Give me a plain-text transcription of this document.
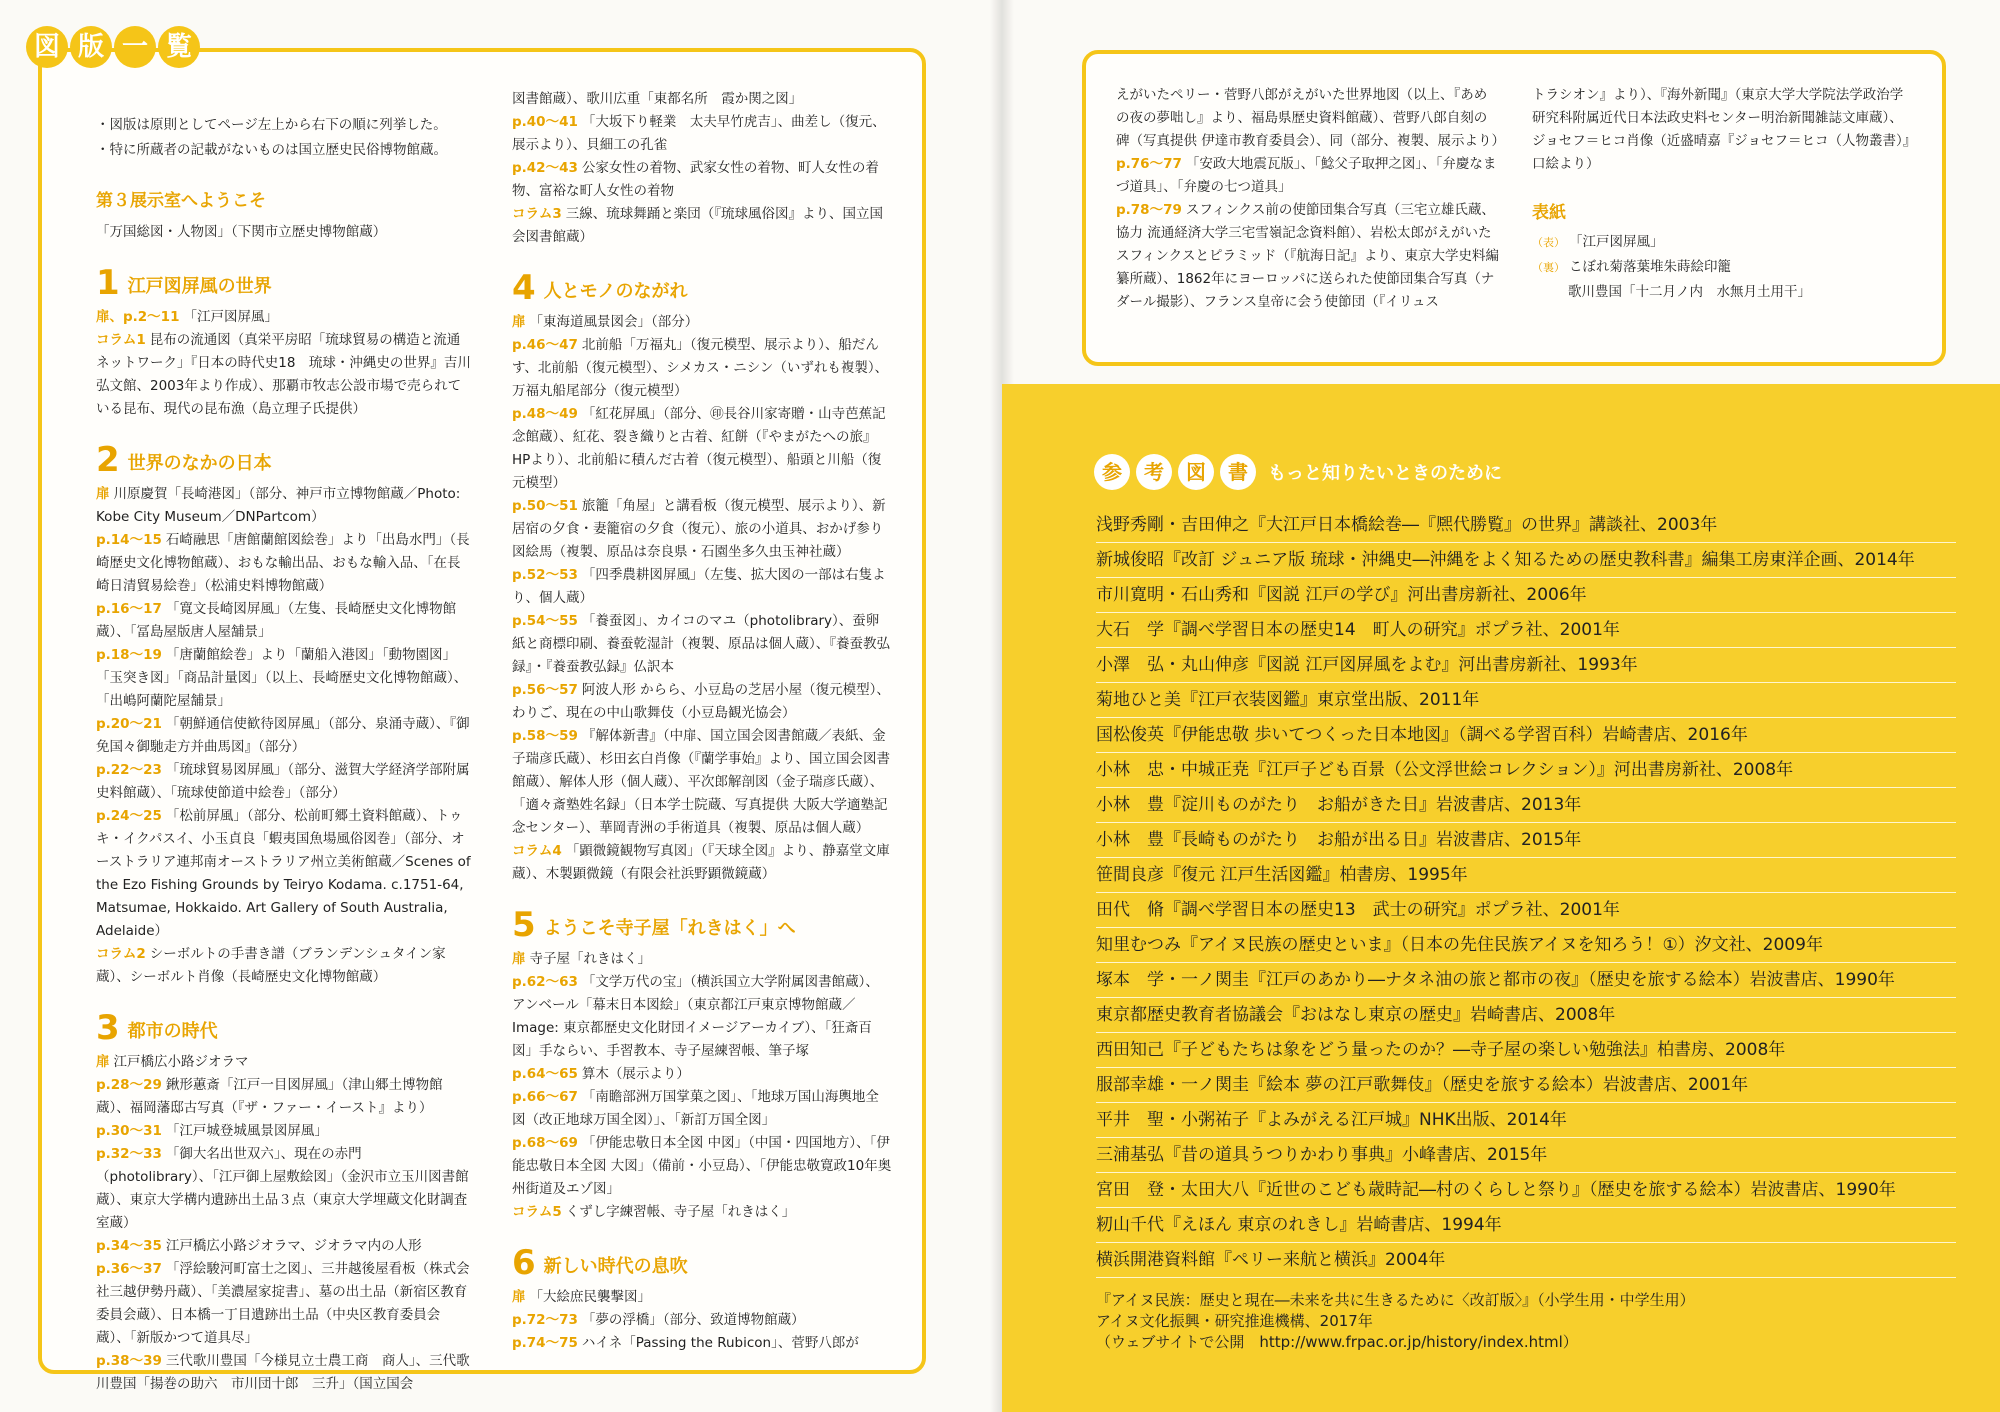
図 版 一 覧

・図版は原則としてページ左上から右下の順に列挙した。

・特に所蔵者の記載がないものは国立歴史民俗博物館蔵。

第３展示室へようこそ

「万国総図・人物図」（下関市立歴史博物館蔵）

1 江戸図屏風の世界

扉、p.2～11 「江戸図屏風」

コラム1 昆布の流通図（真栄平房昭「琉球貿易の構造と流通ネットワーク」『日本の時代史18　琉球・沖縄史の世界』吉川弘文館、2003年より作成）、那覇市牧志公設市場で売られている昆布、現代の昆布漁（島立理子氏提供）

2 世界のなかの日本

扉 川原慶賀「長崎港図」（部分、神戸市立博物館蔵／Photo: Kobe City Museum／DNPartcom）

p.14～15 石崎融思「唐館蘭館図絵巻」より「出島水門」（長崎歴史文化博物館蔵）、おもな輸出品、おもな輸入品、「在長崎日清貿易絵巻」（松浦史料博物館蔵）

p.16～17 「寛文長崎図屏風」（左隻、長崎歴史文化博物館蔵）、「冨島屋版唐人屋舗景」

p.18～19 「唐蘭館絵巻」より「蘭船入港図」「動物園図」「玉突き図」「商品計量図」（以上、長崎歴史文化博物館蔵）、「出嶋阿蘭陀屋舗景」

p.20～21 「朝鮮通信使歓待図屏風」（部分、泉涌寺蔵）、『御免国々御馳走方并曲馬図』（部分）

p.22～23 「琉球貿易図屏風」（部分、滋賀大学経済学部附属史料館蔵）、「琉球使節道中絵巻」（部分）

p.24～25 「松前屏風」（部分、松前町郷土資料館蔵）、トゥキ・イクパスイ、小玉貞良「蝦夷国魚場風俗図巻」（部分、オーストラリア連邦南オーストラリア州立美術館蔵／Scenes of the Ezo Fishing Grounds by Teiryo Kodama. c.1751-64, Matsumae, Hokkaido. Art Gallery of South Australia, Adelaide）

コラム2 シーボルトの手書き譜（ブランデンシュタイン家蔵）、シーボルト肖像（長崎歴史文化博物館蔵）

3 都市の時代

扉 江戸橋広小路ジオラマ

p.28～29 鍬形蕙斎「江戸一目図屏風」（津山郷土博物館蔵）、福岡藩邸古写真（『ザ・ファー・イースト』より）

p.30～31 「江戸城登城風景図屏風」

p.32～33 「御大名出世双六」、現在の赤門（photolibrary）、「江戸御上屋敷絵図」（金沢市立玉川図書館蔵）、東京大学構内遺跡出土品３点（東京大学埋蔵文化財調査室蔵）

p.34～35 江戸橋広小路ジオラマ、ジオラマ内の人形

p.36～37 「浮絵駿河町富士之図」、三井越後屋看板（株式会社三越伊勢丹蔵）、「美濃屋家掟書」、墓の出土品（新宿区教育委員会蔵）、日本橋一丁目遺跡出土品（中央区教育委員会蔵）、「新版かつて道具尽」

p.38～39 三代歌川豊国「今様見立士農工商　商人」、三代歌川豊国「揚巻の助六　市川団十郎　三升」（国立国会

図書館蔵）、歌川広重「東都名所　霞か関之図」

p.40～41 「大坂下り軽業　太夫早竹虎吉」、曲差し（復元、展示より）、貝細工の孔雀

p.42～43 公家女性の着物、武家女性の着物、町人女性の着物、富裕な町人女性の着物

コラム3 三線、琉球舞踊と楽団（『琉球風俗図』より、国立国会図書館蔵）

4 人とモノのながれ

扉 「東海道風景図会」（部分）

p.46～47 北前船「万福丸」（復元模型、展示より）、船だんす、北前船（復元模型）、シメカス・ニシン（いずれも複製）、万福丸船尾部分（復元模型）

p.48～49 「紅花屏風」（部分、㊞長谷川家寄贈・山寺芭蕉記念館蔵）、紅花、裂き織りと古着、紅餅（『やまがたへの旅』HPより）、北前船に積んだ古着（復元模型）、船頭と川船（復元模型）

p.50～51 旅籠「角屋」と講看板（復元模型、展示より）、新居宿の夕食・妻籠宿の夕食（復元）、旅の小道具、おかげ参り図絵馬（複製、原品は奈良県・石園坐多久虫玉神社蔵）

p.52～53 「四季農耕図屏風」（左隻、拡大図の一部は右隻より、個人蔵）

p.54～55 「養蚕図」、カイコのマユ（photolibrary）、蚕卵紙と商標印刷、養蚕乾湿計（複製、原品は個人蔵）、『養蚕教弘録』・『養蚕教弘録』仏訳本

p.56～57 阿波人形 からら、小豆島の芝居小屋（復元模型）、わりご、現在の中山歌舞伎（小豆島観光協会）

p.58～59 『解体新書』（中扉、国立国会図書館蔵／表紙、金子瑞彦氏蔵）、杉田玄白肖像（『蘭学事始』より、国立国会図書館蔵）、解体人形（個人蔵）、平次郎解剖図（金子瑞彦氏蔵）、「適々斎塾姓名録」（日本学士院蔵、写真提供 大阪大学適塾記念センター）、華岡青洲の手術道具（複製、原品は個人蔵）

コラム4 「顕微鏡観物写真図」（『天球全図』より、静嘉堂文庫蔵）、木製顕微鏡（有限会社浜野顕微鏡蔵）

5 ようこそ寺子屋「れきはく」へ

扉 寺子屋「れきはく」

p.62～63 「文学万代の宝」（横浜国立大学附属図書館蔵）、アンベール「幕末日本図絵」（東京都江戸東京博物館蔵／Image: 東京都歴史文化財団イメージアーカイブ）、「狂斎百図」手ならい、手習教本、寺子屋練習帳、筆子塚

p.64～65 算木（展示より）

p.66～67 「南瞻部洲万国掌菓之図」、「地球万国山海輿地全図（改正地球万国全図）」、「新訂万国全図」

p.68～69 「伊能忠敬日本全図 中図」（中国・四国地方）、「伊能忠敬日本全図 大図」（備前・小豆島）、「伊能忠敬寛政10年奥州街道及エゾ図」

コラム5 くずし字練習帳、寺子屋「れきはく」

6 新しい時代の息吹

扉 「大絵庶民襲撃図」

p.72～73 「夢の浮橋」（部分、致道博物館蔵）

p.74～75 ハイネ「Passing the Rubicon」、菅野八郎が

えがいたペリー・菅野八郎がえがいた世界地図（以上、『あめの夜の夢咄し』より、福島県歴史資料館蔵）、菅野八郎自刻の碑（写真提供 伊達市教育委員会）、同（部分、複製、展示より）

p.76～77 「安政大地震瓦版」、「鯰父子取押之図」、「弁慶なまづ道具」、「弁慶の七つ道具」

p.78～79 スフィンクス前の使節団集合写真（三宅立雄氏蔵、協力 流通経済大学三宅雪嶺記念資料館）、岩松太郎がえがいたスフィンクスとピラミッド（『航海日記』より、東京大学史料編纂所蔵）、1862年にヨーロッパに送られた使節団集合写真（ナダール撮影）、フランス皇帝に会う使節団（『イリュス

トラシオン』より）、『海外新聞』（東京大学大学院法学政治学研究科附属近代日本法政史料センター明治新聞雑誌文庫蔵）、ジョセフ＝ヒコ肖像（近盛晴嘉『ジョセフ＝ヒコ（人物叢書）』口絵より）

表紙
（表） 「江戸図屏風」
（裏） こぼれ菊落葉堆朱蒔絵印籠
歌川豊国「十二月ノ内　水無月土用干」
参	考	図	書	もっと知りたいときのために
浅野秀剛・吉田伸之『大江戸日本橋絵巻―『熈代勝覧』の世界』講談社、2003年
新城俊昭『改訂 ジュニア版 琉球・沖縄史―沖縄をよく知るための歴史教科書』編集工房東洋企画、2014年
市川寛明・石山秀和『図説 江戸の学び』河出書房新社、2006年
大石　学『調べ学習日本の歴史14　町人の研究』ポプラ社、2001年
小澤　弘・丸山伸彦『図説 江戸図屏風をよむ』河出書房新社、1993年
菊地ひと美『江戸衣装図鑑』東京堂出版、2011年
国松俊英『伊能忠敬 歩いてつくった日本地図』（調べる学習百科）岩崎書店、2016年
小林　忠・中城正尭『江戸子ども百景（公文浮世絵コレクション）』河出書房新社、2008年
小林　豊『淀川ものがたり　お船がきた日』岩波書店、2013年
小林　豊『長崎ものがたり　お船が出る日』岩波書店、2015年
笹間良彦『復元 江戸生活図鑑』柏書房、1995年
田代　脩『調べ学習日本の歴史13　武士の研究』ポプラ社、2001年
知里むつみ『アイヌ民族の歴史といま』（日本の先住民族アイヌを知ろう！①）汐文社、2009年
塚本　学・一ノ関圭『江戸のあかり―ナタネ油の旅と都市の夜』（歴史を旅する絵本）岩波書店、1990年
東京都歴史教育者協議会『おはなし東京の歴史』岩崎書店、2008年
西田知己『子どもたちは象をどう量ったのか？―寺子屋の楽しい勉強法』柏書房、2008年
服部幸雄・一ノ関圭『絵本 夢の江戸歌舞伎』（歴史を旅する絵本）岩波書店、2001年
平井　聖・小粥祐子『よみがえる江戸城』NHK出版、2014年
三浦基弘『昔の道具うつりかわり事典』小峰書店、2015年
宮田　登・太田大八『近世のこども歳時記―村のくらしと祭り』（歴史を旅する絵本）岩波書店、1990年
籾山千代『えほん 東京のれきし』岩崎書店、1994年
横浜開港資料館『ペリー来航と横浜』2004年
『アイヌ民族：歴史と現在―未来を共に生きるために〈改訂版〉』（小学生用・中学生用）
アイヌ文化振興・研究推進機構、2017年
（ウェブサイトで公開　http://www.frpac.or.jp/history/index.html）
